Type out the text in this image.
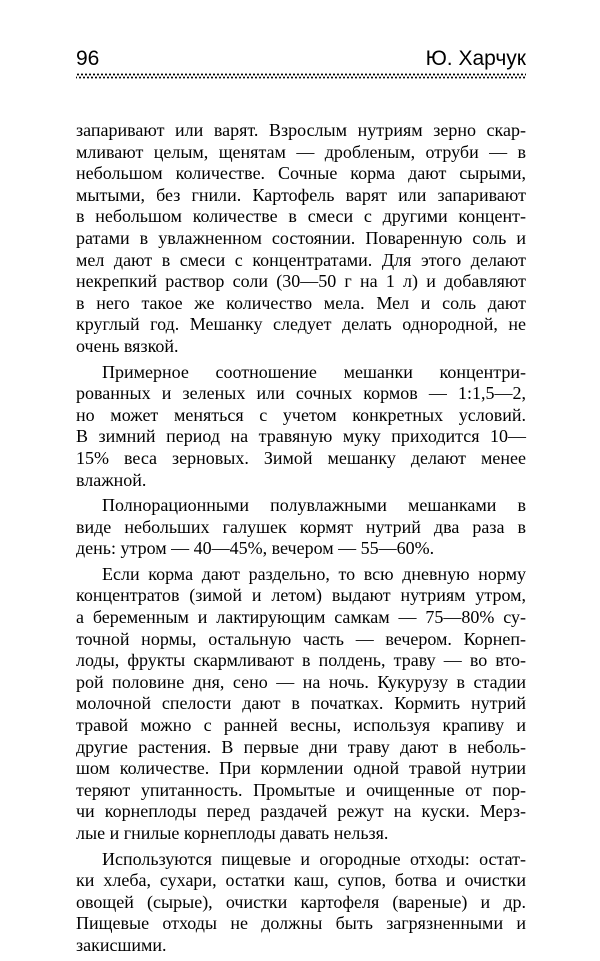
96	Ю. Харчук
запаривают или варят. Взрослым нутриям зерно скар-
мливают целым, щенятам — дробленым, отруби — в
небольшом количестве. Сочные корма дают сырыми,
мытыми, без гнили. Картофель варят или запаривают
в небольшом количестве в смеси с другими концент-
ратами в увлажненном состоянии. Поваренную соль и
мел дают в смеси с концентратами. Для этого делают
некрепкий раствор соли (30—50 г на 1 л) и добавляют
в него такое же количество мела. Мел и соль дают
круглый год. Мешанку следует делать однородной, не
очень вязкой.
Примерное соотношение мешанки концентри-
рованных и зеленых или сочных кормов — 1:1,5—2,
но может меняться с учетом конкретных условий.
В зимний период на травяную муку приходится 10—
15% веса зерновых. Зимой мешанку делают менее
влажной.
Полнорационными полувлажными мешанками в
виде небольших галушек кормят нутрий два раза в
день: утром — 40—45%, вечером — 55—60%.
Если корма дают раздельно, то всю дневную норму
концентратов (зимой и летом) выдают нутриям утром,
а беременным и лактирующим самкам — 75—80% су-
точной нормы, остальную часть — вечером. Корнеп-
лоды, фрукты скармливают в полдень, траву — во вто-
рой половине дня, сено — на ночь. Кукурузу в стадии
молочной спелости дают в початках. Кормить нутрий
травой можно с ранней весны, используя крапиву и
другие растения. В первые дни траву дают в неболь-
шом количестве. При кормлении одной травой нутрии
теряют упитанность. Промытые и очищенные от пор-
чи корнеплоды перед раздачей режут на куски. Мерз-
лые и гнилые корнеплоды давать нельзя.
Используются пищевые и огородные отходы: остат-
ки хлеба, сухари, остатки каш, супов, ботва и очистки
овощей (сырые), очистки картофеля (вареные) и др.
Пищевые отходы не должны быть загрязненными и
закисшими.
